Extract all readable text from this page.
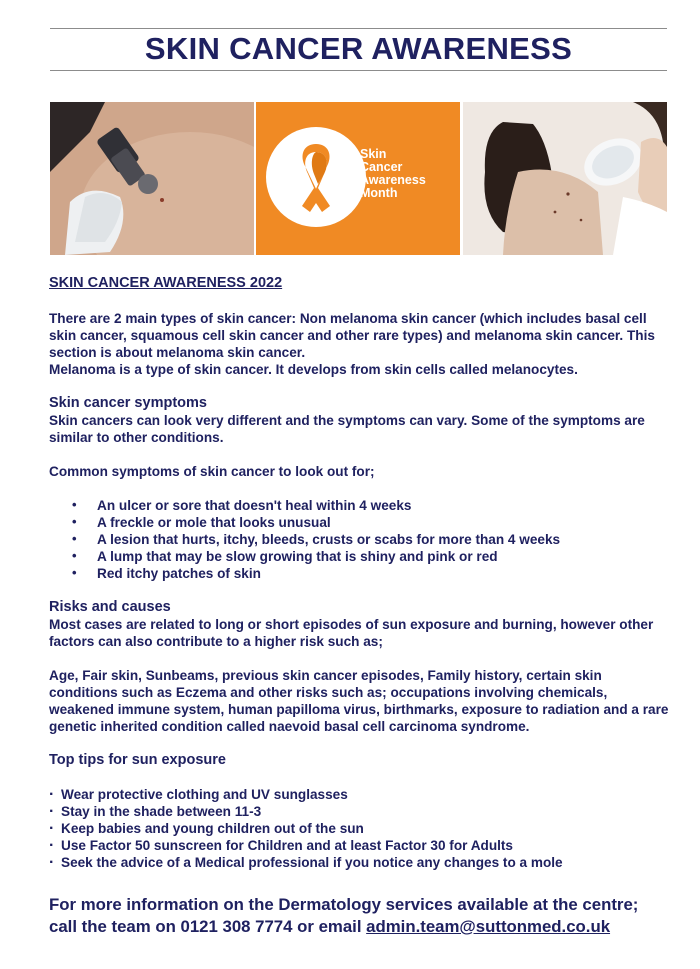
SKIN CANCER AWARENESS
Skin
Cancer
Awareness
Month

SKIN CANCER AWARENESS 2022

There are 2 main types of skin cancer: Non melanoma skin cancer (which includes basal cell skin cancer, squamous cell skin cancer and other rare types) and melanoma skin cancer. This section is about melanoma skin cancer.

Melanoma is a type of skin cancer. It develops from skin cells called melanocytes.

Skin cancer symptoms

Skin cancers can look very different and the symptoms can vary. Some of the symptoms are similar to other conditions.

Common symptoms of skin cancer to look out for;

• An ulcer or sore that doesn't heal within 4 weeks
• A freckle or mole that looks unusual
• A lesion that hurts, itchy, bleeds, crusts or scabs for more than 4 weeks
• A lump that may be slow growing that is shiny and pink or red
• Red itchy patches of skin

Risks and causes

Most cases are related to long or short episodes of sun exposure and burning, however other factors can also contribute to a higher risk such as;

Age, Fair skin, Sunbeams, previous skin cancer episodes, Family history, certain skin conditions such as Eczema and other risks such as; occupations involving chemicals, weakened immune system, human papilloma virus, birthmarks, exposure to radiation and a rare genetic inherited condition called naevoid basal cell carcinoma syndrome.

Top tips for sun exposure

· Wear protective clothing and UV sunglasses
· Stay in the shade between 11-3
· Keep babies and young children out of the sun
· Use Factor 50 sunscreen for Children and at least Factor 30 for Adults
· Seek the advice of a Medical professional if you notice any changes to a mole
For more information on the Dermatology services available at the centre;
call the team on 0121 308 7774 or email admin.team@suttonmed.co.uk
